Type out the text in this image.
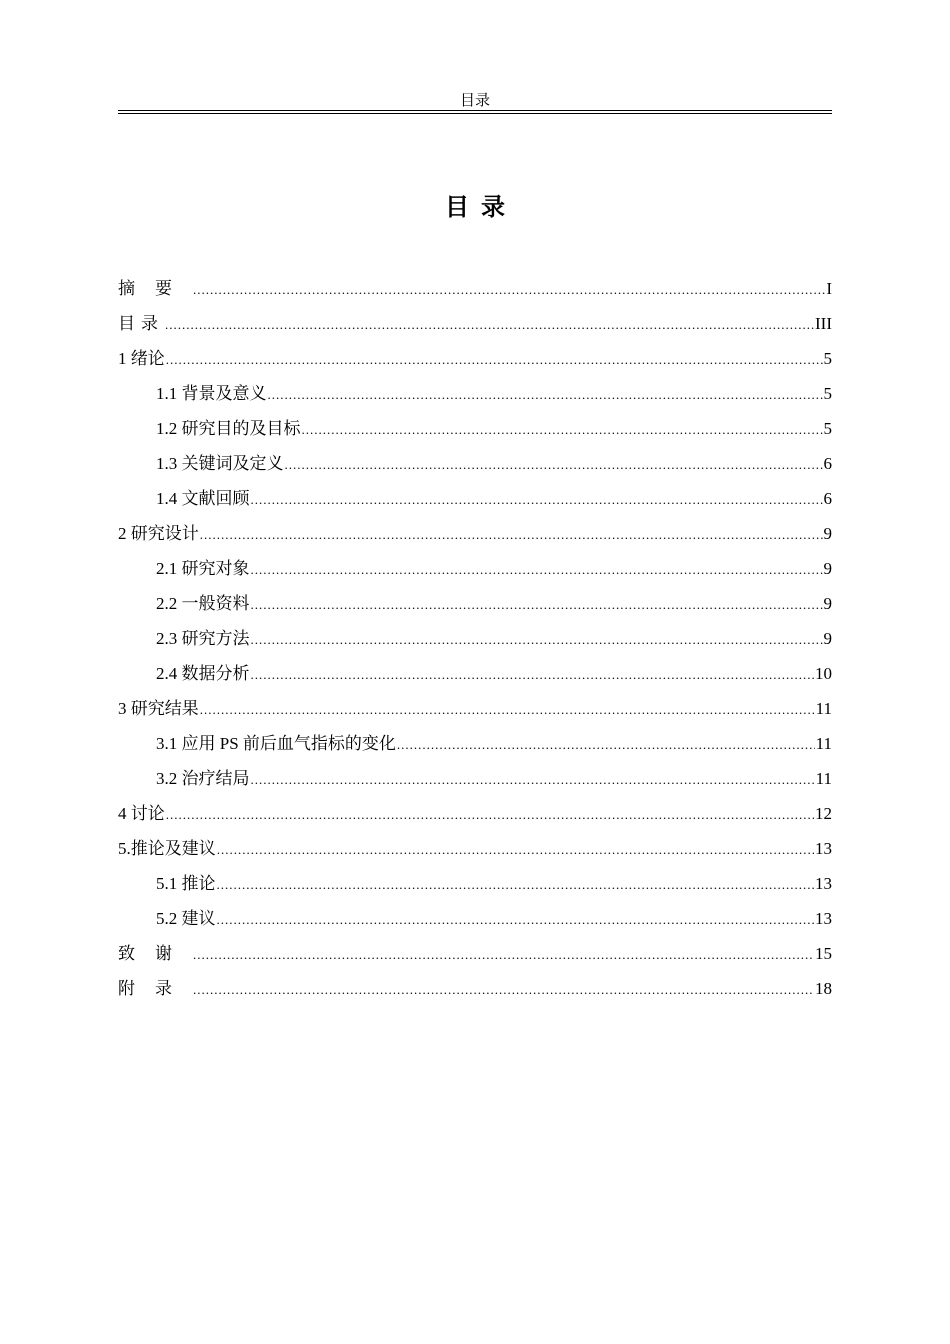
目录
目录
摘要 .....	I
目录 .....	III
1 绪论 .....	5
1.1 背景及意义 .....	5
1.2 研究目的及目标 .....	5
1.3 关键词及定义 .....	6
1.4 文献回顾 .....	6
2 研究设计 .....	9
2.1 研究对象 .....	9
2.2 一般资料 .....	9
2.3 研究方法 .....	9
2.4 数据分析 .....	10
3 研究结果 .....	11
3.1 应用 PS 前后血气指标的变化 .....	11
3.2 治疗结局 .....	11
4 讨论 .....	12
5.推论及建议 .....	13
5.1 推论 .....	13
5.2 建议 .....	13
致谢 .....	15
附录 .....	18
